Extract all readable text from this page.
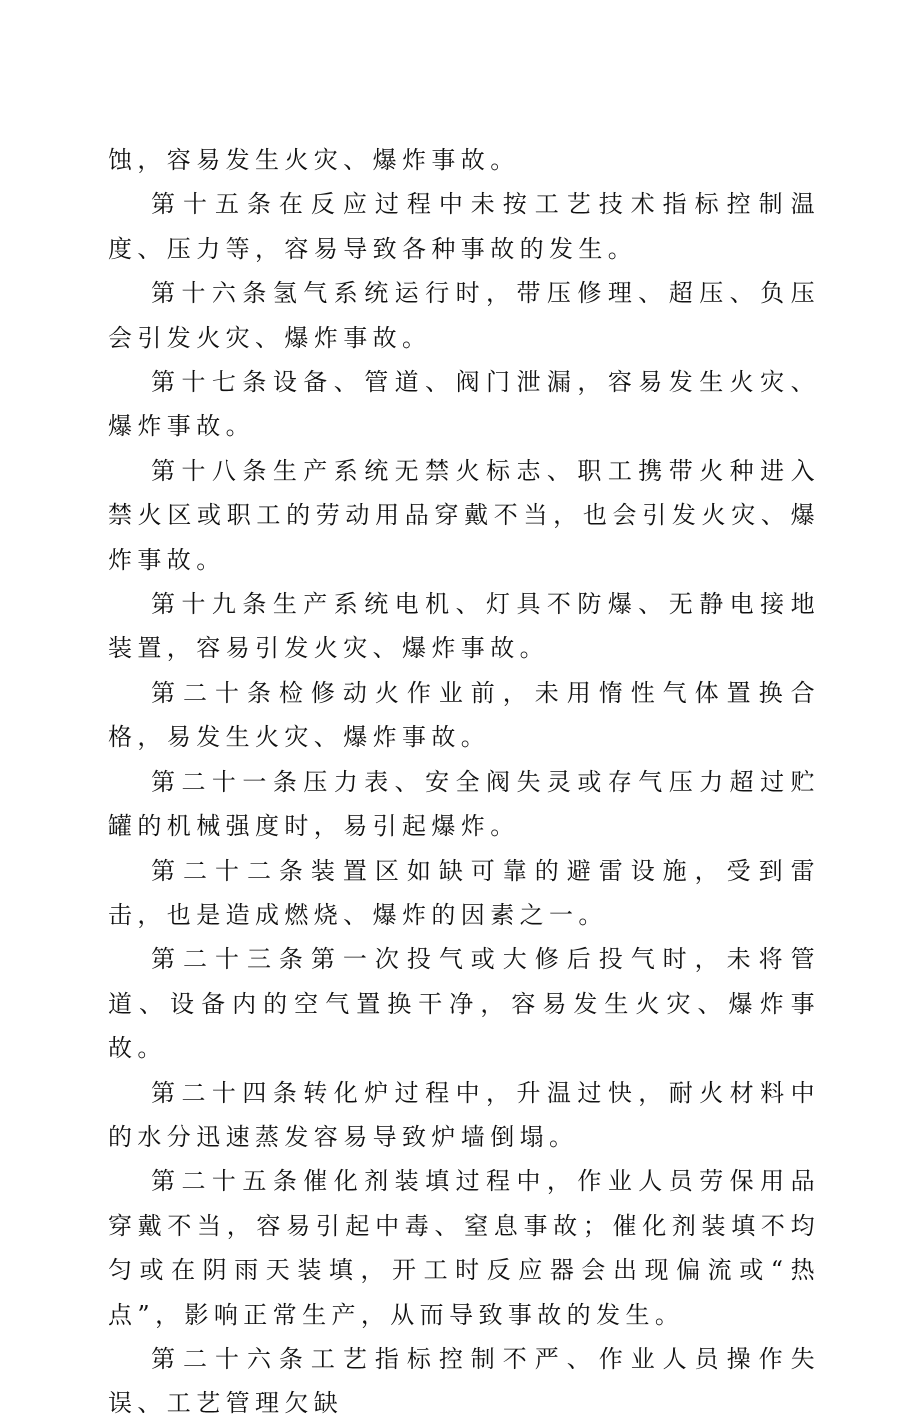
蚀，容易发生火灾、爆炸事故。

第十五条在反应过程中未按工艺技术指标控制温度、压力等，容易导致各种事故的发生。

第十六条氢气系统运行时，带压修理、超压、负压会引发火灾、爆炸事故。

第十七条设备、管道、阀门泄漏，容易发生火灾、爆炸事故。

第十八条生产系统无禁火标志、职工携带火种进入禁火区或职工的劳动用品穿戴不当，也会引发火灾、爆炸事故。

第十九条生产系统电机、灯具不防爆、无静电接地装置，容易引发火灾、爆炸事故。

第二十条检修动火作业前，未用惰性气体置换合格，易发生火灾、爆炸事故。

第二十一条压力表、安全阀失灵或存气压力超过贮罐的机械强度时，易引起爆炸。

第二十二条装置区如缺可靠的避雷设施，受到雷击，也是造成燃烧、爆炸的因素之一。

第二十三条第一次投气或大修后投气时，未将管道、设备内的空气置换干净，容易发生火灾、爆炸事故。

第二十四条转化炉过程中，升温过快，耐火材料中的水分迅速蒸发容易导致炉墙倒塌。

第二十五条催化剂装填过程中，作业人员劳保用品穿戴不当，容易引起中毒、窒息事故；催化剂装填不均匀或在阴雨天装填，开工时反应器会出现偏流或“热点”，影响正常生产，从而导致事故的发生。

第二十六条工艺指标控制不严、作业人员操作失误、工艺管理欠缺
